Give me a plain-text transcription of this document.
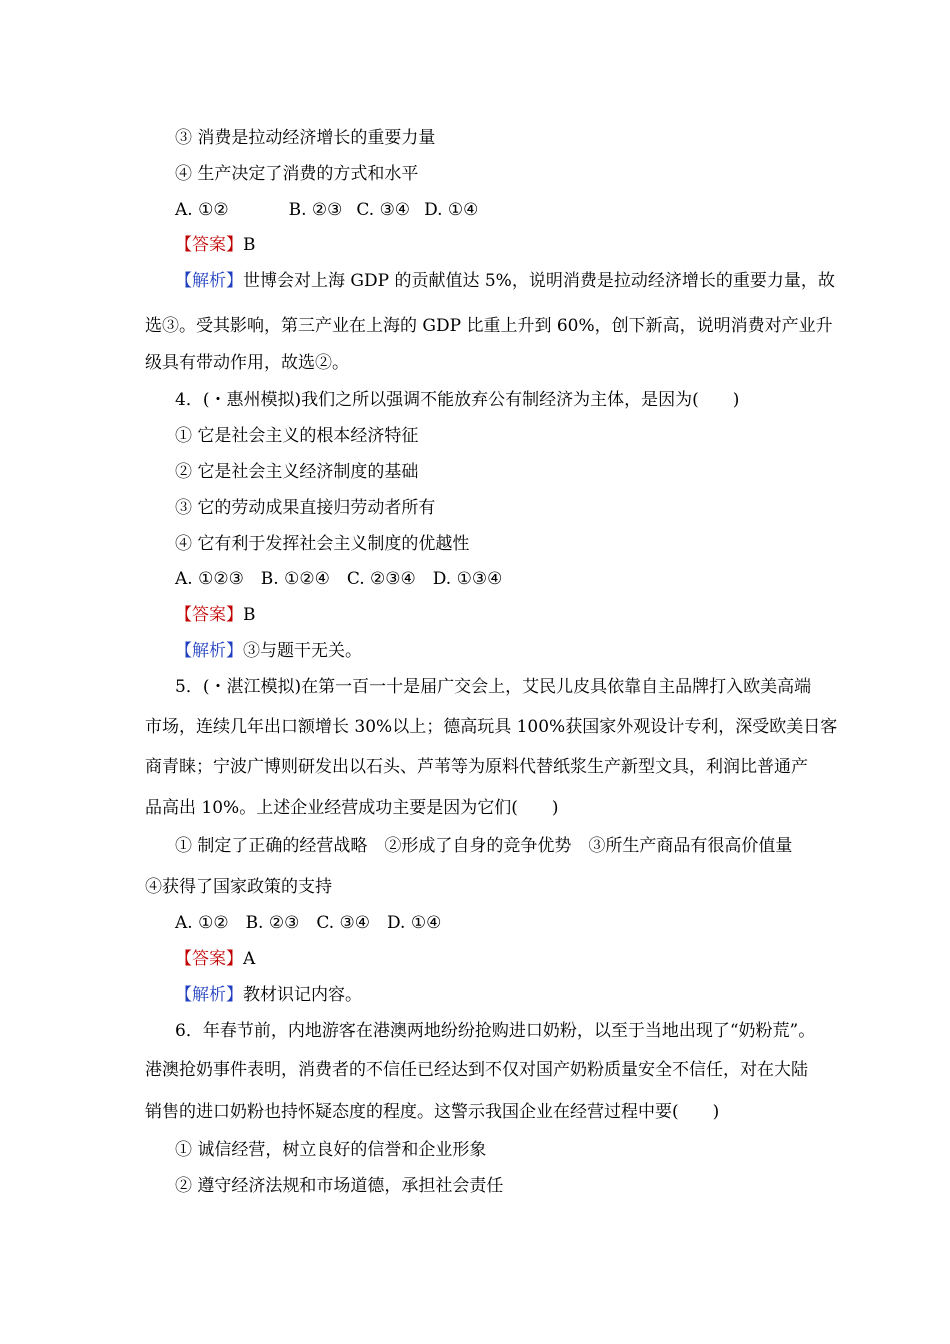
③ 消费是拉动经济增长的重要力量
④ 生产决定了消费的方式和水平
A. ①②	B. ②③ C. ③④ D. ①④
【答案】B
【解析】世博会对上海 GDP 的贡献值达 5%，说明消费是拉动经济增长的重要力量，故
选③。受其影响，第三产业在上海的 GDP 比重上升到 60%，创下新高，说明消费对产业升
级具有带动作用，故选②。
4．(・惠州模拟)我们之所以强调不能放弃公有制经济为主体，是因为(　　)
① 它是社会主义的根本经济特征
② 它是社会主义经济制度的基础
③ 它的劳动成果直接归劳动者所有
④ 它有利于发挥社会主义制度的优越性
A. ①②③　B. ①②④　C. ②③④　D. ①③④
【答案】B
【解析】③与题干无关。
5．(・湛江模拟)在第一百一十是届广交会上，艾民儿皮具依靠自主品牌打入欧美高端
市场，连续几年出口额增长 30%以上；德高玩具 100%获国家外观设计专利，深受欧美日客
商青睐；宁波广博则研发出以石头、芦苇等为原料代替纸浆生产新型文具，利润比普通产
品高出 10%。上述企业经营成功主要是因为它们(　　)
① 制定了正确的经营战略　②形成了自身的竞争优势　③所生产商品有很高价值量
④获得了国家政策的支持
A. ①②　B. ②③　C. ③④　D. ①④
【答案】A
【解析】教材识记内容。
6．年春节前，内地游客在港澳两地纷纷抢购进口奶粉，以至于当地出现了“奶粉荒”。
港澳抢奶事件表明，消费者的不信任已经达到不仅对国产奶粉质量安全不信任，对在大陆
销售的进口奶粉也持怀疑态度的程度。这警示我国企业在经营过程中要(　　)
① 诚信经营，树立良好的信誉和企业形象
② 遵守经济法规和市场道德，承担社会责任
